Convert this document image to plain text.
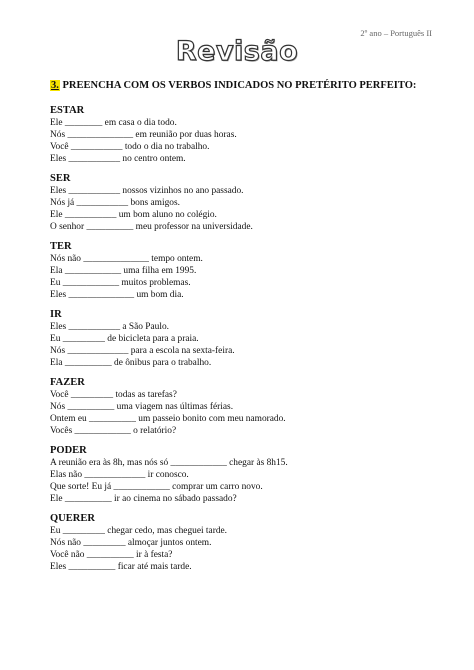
2º ano – Português II
Revisão
3. PREENCHA COM OS VERBOS INDICADOS NO PRETÉRITO PERFEITO:
ESTAR
Ele ________ em casa o dia todo.
Nós ______________ em reunião por duas horas.
Você ___________ todo o dia no trabalho.
Eles ___________ no centro ontem.
SER
Eles ___________ nossos vizinhos no ano passado.
Nós já ___________ bons amigos.
Ele ___________ um bom aluno no colégio.
O senhor __________ meu professor na universidade.
TER
Nós não ______________ tempo ontem.
Ela ____________ uma filha em 1995.
Eu ____________ muitos problemas.
Eles ______________ um bom dia.
IR
Eles ___________ a São Paulo.
Eu _________ de bicicleta para a praia.
Nós _____________ para a escola na sexta-feira.
Ela __________ de ônibus para o trabalho.
FAZER
Você _________ todas as tarefas?
Nós __________ uma viagem nas últimas férias.
Ontem eu __________ um passeio bonito com meu namorado.
Vocês ____________ o relatório?
PODER
A reunião era às 8h, mas nós só ____________ chegar às 8h15.
Elas não _____________ ir conosco.
Que sorte! Eu já ____________ comprar um carro novo.
Ele __________ ir ao cinema no sábado passado?
QUERER
Eu _________ chegar cedo, mas cheguei tarde.
Nós não _________ almoçar juntos ontem.
Você não __________ ir à festa?
Eles __________ ficar até mais tarde.
